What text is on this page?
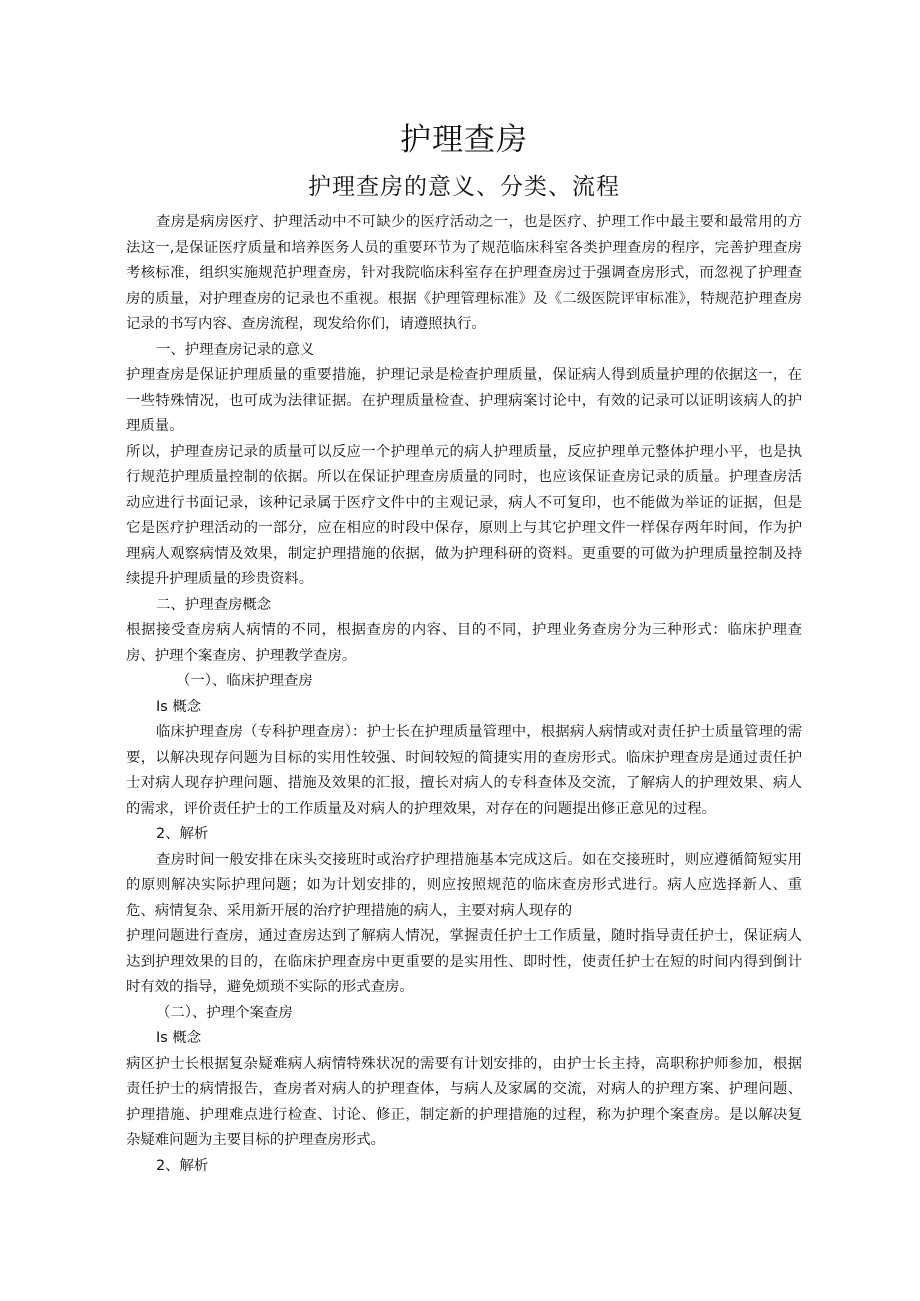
护理查房
护理查房的意义、分类、流程

查房是病房医疗、护理活动中不可缺少的医疗活动之一，也是医疗、护理工作中最主要和最常用的方法这一,是保证医疗质量和培养医务人员的重要环节为了规范临床科室各类护理查房的程序，完善护理查房考核标准，组织实施规范护理查房，针对我院临床科室存在护理查房过于强调查房形式，而忽视了护理查房的质量，对护理查房的记录也不重视。根据《护理管理标准》及《二级医院评审标准》，特规范护理查房记录的书写内容、查房流程，现发给你们，请遵照执行。

一、护理查房记录的意义

护理查房是保证护理质量的重要措施，护理记录是检查护理质量，保证病人得到质量护理的依据这一，在一些特殊情况，也可成为法律证据。在护理质量检查、护理病案讨论中，有效的记录可以证明该病人的护理质量。

所以，护理查房记录的质量可以反应一个护理单元的病人护理质量，反应护理单元整体护理小平，也是执行规范护理质量控制的依据。所以在保证护理查房质量的同时，也应该保证查房记录的质量。护理查房活动应进行书面记录，该种记录属于医疗文件中的主观记录，病人不可复印，也不能做为举证的证据，但是它是医疗护理活动的一部分，应在相应的时段中保存，原则上与其它护理文件一样保存两年时间，作为护理病人观察病情及效果，制定护理措施的依据，做为护理科研的资料。更重要的可做为护理质量控制及持续提升护理质量的珍贵资料。

二、护理查房概念

根据接受查房病人病情的不同，根据查房的内容、目的不同，护理业务查房分为三种形式：临床护理查房、护理个案查房、护理教学查房。

（一）、临床护理查房

Is 概念

临床护理查房（专科护理查房）：护士长在护理质量管理中，根据病人病情或对责任护士质量管理的需要，以解决现存问题为目标的实用性较强、时间较短的简捷实用的查房形式。临床护理查房是通过责任护士对病人现存护理问题、措施及效果的汇报，擅长对病人的专科查体及交流，了解病人的护理效果、病人的需求，评价责任护士的工作质量及对病人的护理效果，对存在的问题提出修正意见的过程。

2、解析

查房时间一般安排在床头交接班时或治疗护理措施基本完成这后。如在交接班时，则应遵循简短实用的原则解决实际护理问题；如为计划安排的，则应按照规范的临床查房形式进行。病人应选择新人、重危、病情复杂、采用新开展的治疗护理措施的病人，主要对病人现存的

护理问题进行查房，通过查房达到了解病人情况，掌握责任护士工作质量，随时指导责任护士，保证病人达到护理效果的目的，在临床护理查房中更重要的是实用性、即时性，使责任护士在短的时间内得到倒计时有效的指导，避免烦琐不实际的形式查房。

（二）、护理个案查房

Is 概念

病区护士长根据复杂疑难病人病情特殊状况的需要有计划安排的，由护士长主持，高职称护师参加，根据责任护士的病情报告，查房者对病人的护理查体，与病人及家属的交流，对病人的护理方案、护理问题、护理措施、护理难点进行检查、讨论、修正，制定新的护理措施的过程，称为护理个案查房。是以解决复杂疑难问题为主要目标的护理查房形式。

2、解析
